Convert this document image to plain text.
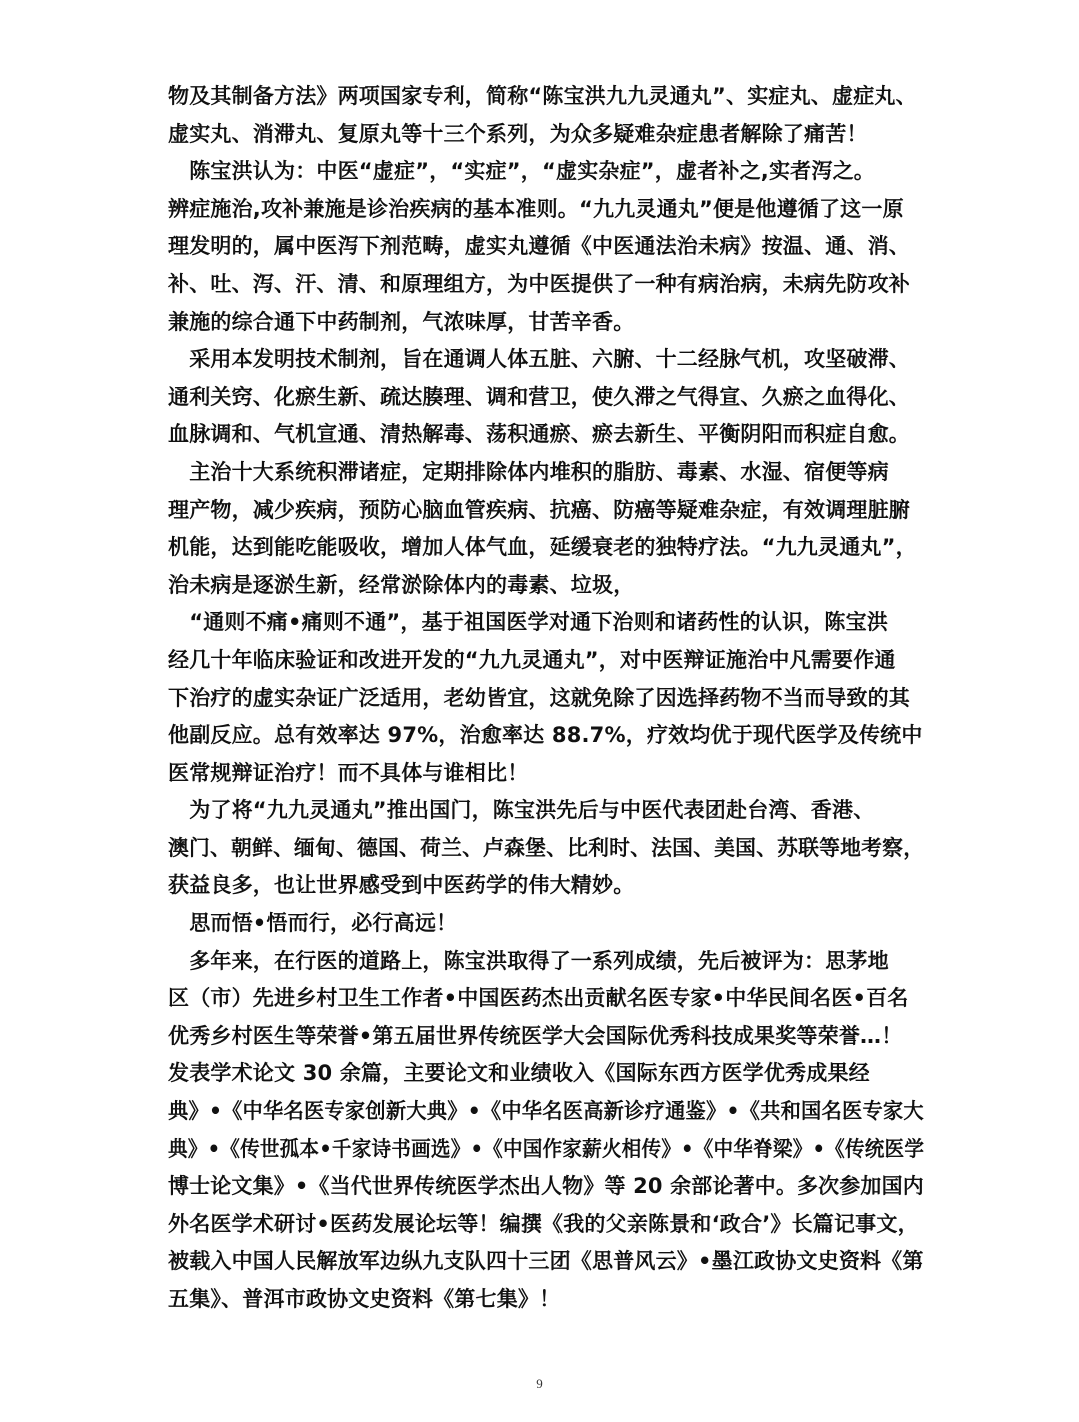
物及其制备方法》两项国家专利，简称“陈宝洪九九灵通丸”、实症丸、虚症丸、
虚实丸、消滞丸、复原丸等十三个系列，为众多疑难杂症患者解除了痛苦！
　陈宝洪认为：中医“虚症”，“实症”，“虚实杂症”，虚者补之,实者泻之。
辨症施治,攻补兼施是诊治疾病的基本准则。“九九灵通丸”便是他遵循了这一原
理发明的，属中医泻下剂范畴，虚实丸遵循《中医通法治未病》按温、通、消、
补、吐、泻、汗、清、和原理组方，为中医提供了一种有病治病，未病先防攻补
兼施的综合通下中药制剂，气浓味厚，甘苦辛香。
　采用本发明技术制剂，旨在通调人体五脏、六腑、十二经脉气机，攻坚破滞、
通利关窍、化瘀生新、疏达腠理、调和营卫，使久滞之气得宣、久瘀之血得化、
血脉调和、气机宣通、清热解毒、荡积通瘀、瘀去新生、平衡阴阳而积症自愈。
　主治十大系统积滞诸症，定期排除体内堆积的脂肪、毒素、水湿、宿便等病
理产物，减少疾病，预防心脑血管疾病、抗癌、防癌等疑难杂症，有效调理脏腑
机能，达到能吃能吸收，增加人体气血，延缓衰老的独特疗法。“九九灵通丸”，
治未病是逐淤生新，经常淤除体内的毒素、垃圾，
　“通则不痛•痛则不通”，基于祖国医学对通下治则和诸药性的认识，陈宝洪
经几十年临床验证和改进开发的“九九灵通丸”，对中医辩证施治中凡需要作通
下治疗的虚实杂证广泛适用，老幼皆宜，这就免除了因选择药物不当而导致的其
他副反应。总有效率达 97%，治愈率达 88.7%，疗效均优于现代医学及传统中
医常规辩证治疗！而不具体与谁相比！
　为了将“九九灵通丸”推出国门，陈宝洪先后与中医代表团赴台湾、香港、
澳门、朝鲜、缅甸、德国、荷兰、卢森堡、比利时、法国、美国、苏联等地考察，
获益良多，也让世界感受到中医药学的伟大精妙。
　思而悟•悟而行，必行高远！
　多年来，在行医的道路上，陈宝洪取得了一系列成绩，先后被评为：思茅地
区（市）先进乡村卫生工作者•中国医药杰出贡献名医专家•中华民间名医•百名
优秀乡村医生等荣誉•第五届世界传统医学大会国际优秀科技成果奖等荣誉…！
发表学术论文 30 余篇，主要论文和业绩收入《国际东西方医学优秀成果经
典》•《中华名医专家创新大典》•《中华名医高新诊疗通鉴》•《共和国名医专家大
典》•《传世孤本•千家诗书画选》•《中国作家薪火相传》•《中华脊梁》•《传统医学
博士论文集》•《当代世界传统医学杰出人物》等 20 余部论著中。多次参加国内
外名医学术研讨•医药发展论坛等！编撰《我的父亲陈景和‘政合’》长篇记事文，
被载入中国人民解放军边纵九支队四十三团《思普风云》•墨江政协文史资料《第
五集》、普洱市政协文史资料《第七集》！
9
